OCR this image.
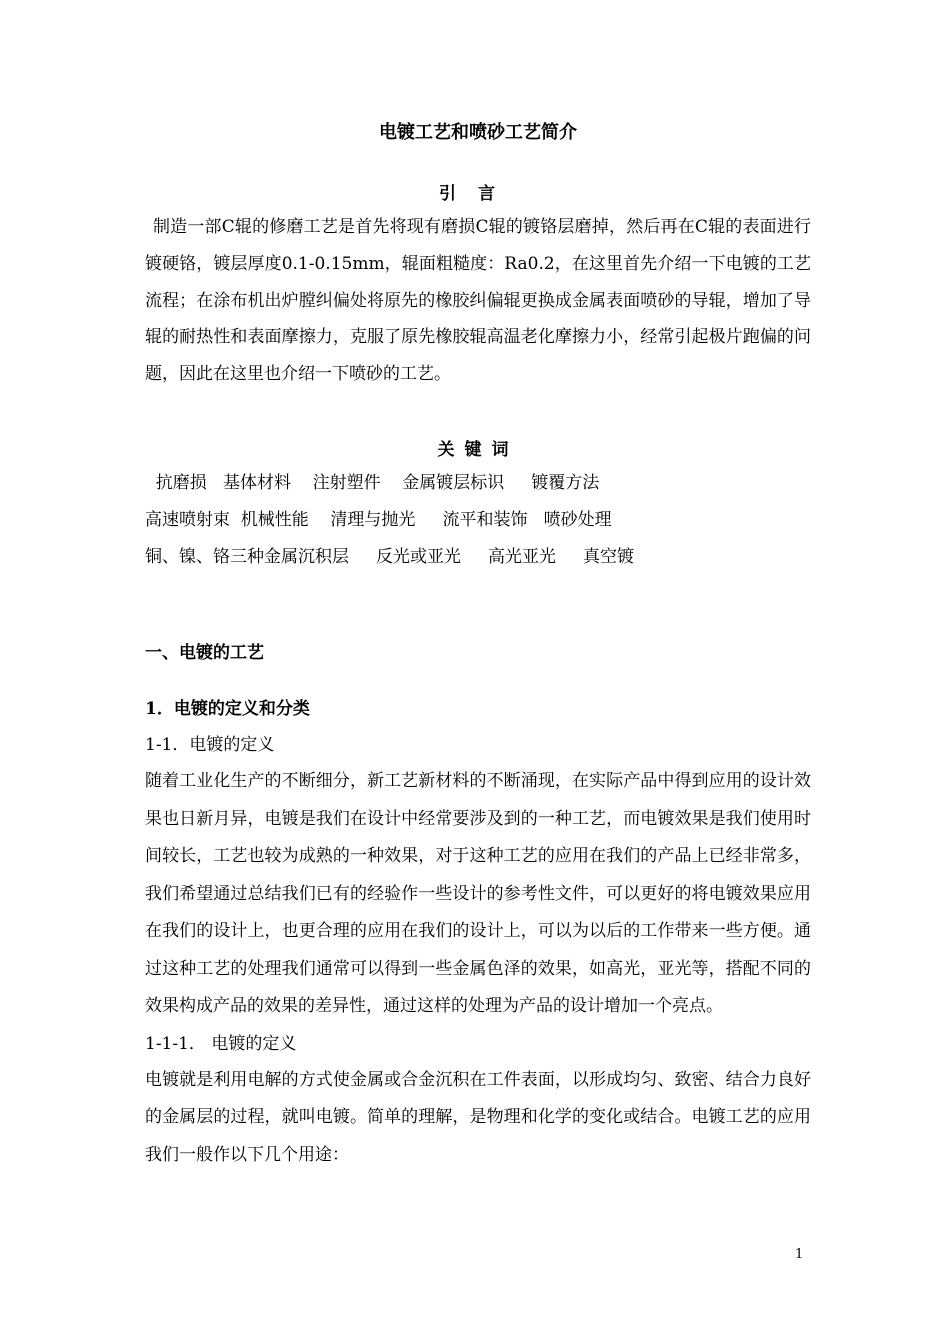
电镀工艺和喷砂工艺简介

引言

制造一部C辊的修磨工艺是首先将现有磨损C辊的镀铬层磨掉，然后再在C辊的表面进行镀硬铬，镀层厚度0.1-0.15mm，辊面粗糙度：Ra0.2，在这里首先介绍一下电镀的工艺流程；在涂布机出炉膛纠偏处将原先的橡胶纠偏辊更换成金属表面喷砂的导辊，增加了导辊的耐热性和表面摩擦力，克服了原先橡胶辊高温老化摩擦力小，经常引起极片跑偏的问题，因此在这里也介绍一下喷砂的工艺。

关键词

抗磨损   基体材料    注射塑件    金属镀层标识     镀覆方法

高速喷射束  机械性能    清理与抛光     流平和装饰   喷砂处理

铜、镍、铬三种金属沉积层     反光或亚光     高光亚光     真空镀

一、电镀的工艺

1．电镀的定义和分类

1-1．电镀的定义

随着工业化生产的不断细分，新工艺新材料的不断涌现，在实际产品中得到应用的设计效果也日新月异，电镀是我们在设计中经常要涉及到的一种工艺，而电镀效果是我们使用时间较长，工艺也较为成熟的一种效果，对于这种工艺的应用在我们的产品上已经非常多，我们希望通过总结我们已有的经验作一些设计的参考性文件，可以更好的将电镀效果应用在我们的设计上，也更合理的应用在我们的设计上，可以为以后的工作带来一些方便。通过这种工艺的处理我们通常可以得到一些金属色泽的效果，如高光，亚光等，搭配不同的效果构成产品的效果的差异性，通过这样的处理为产品的设计增加一个亮点。

1-1-1． 电镀的定义

电镀就是利用电解的方式使金属或合金沉积在工件表面，以形成均匀、致密、结合力良好的金属层的过程，就叫电镀。简单的理解，是物理和化学的变化或结合。电镀工艺的应用我们一般作以下几个用途：

1
